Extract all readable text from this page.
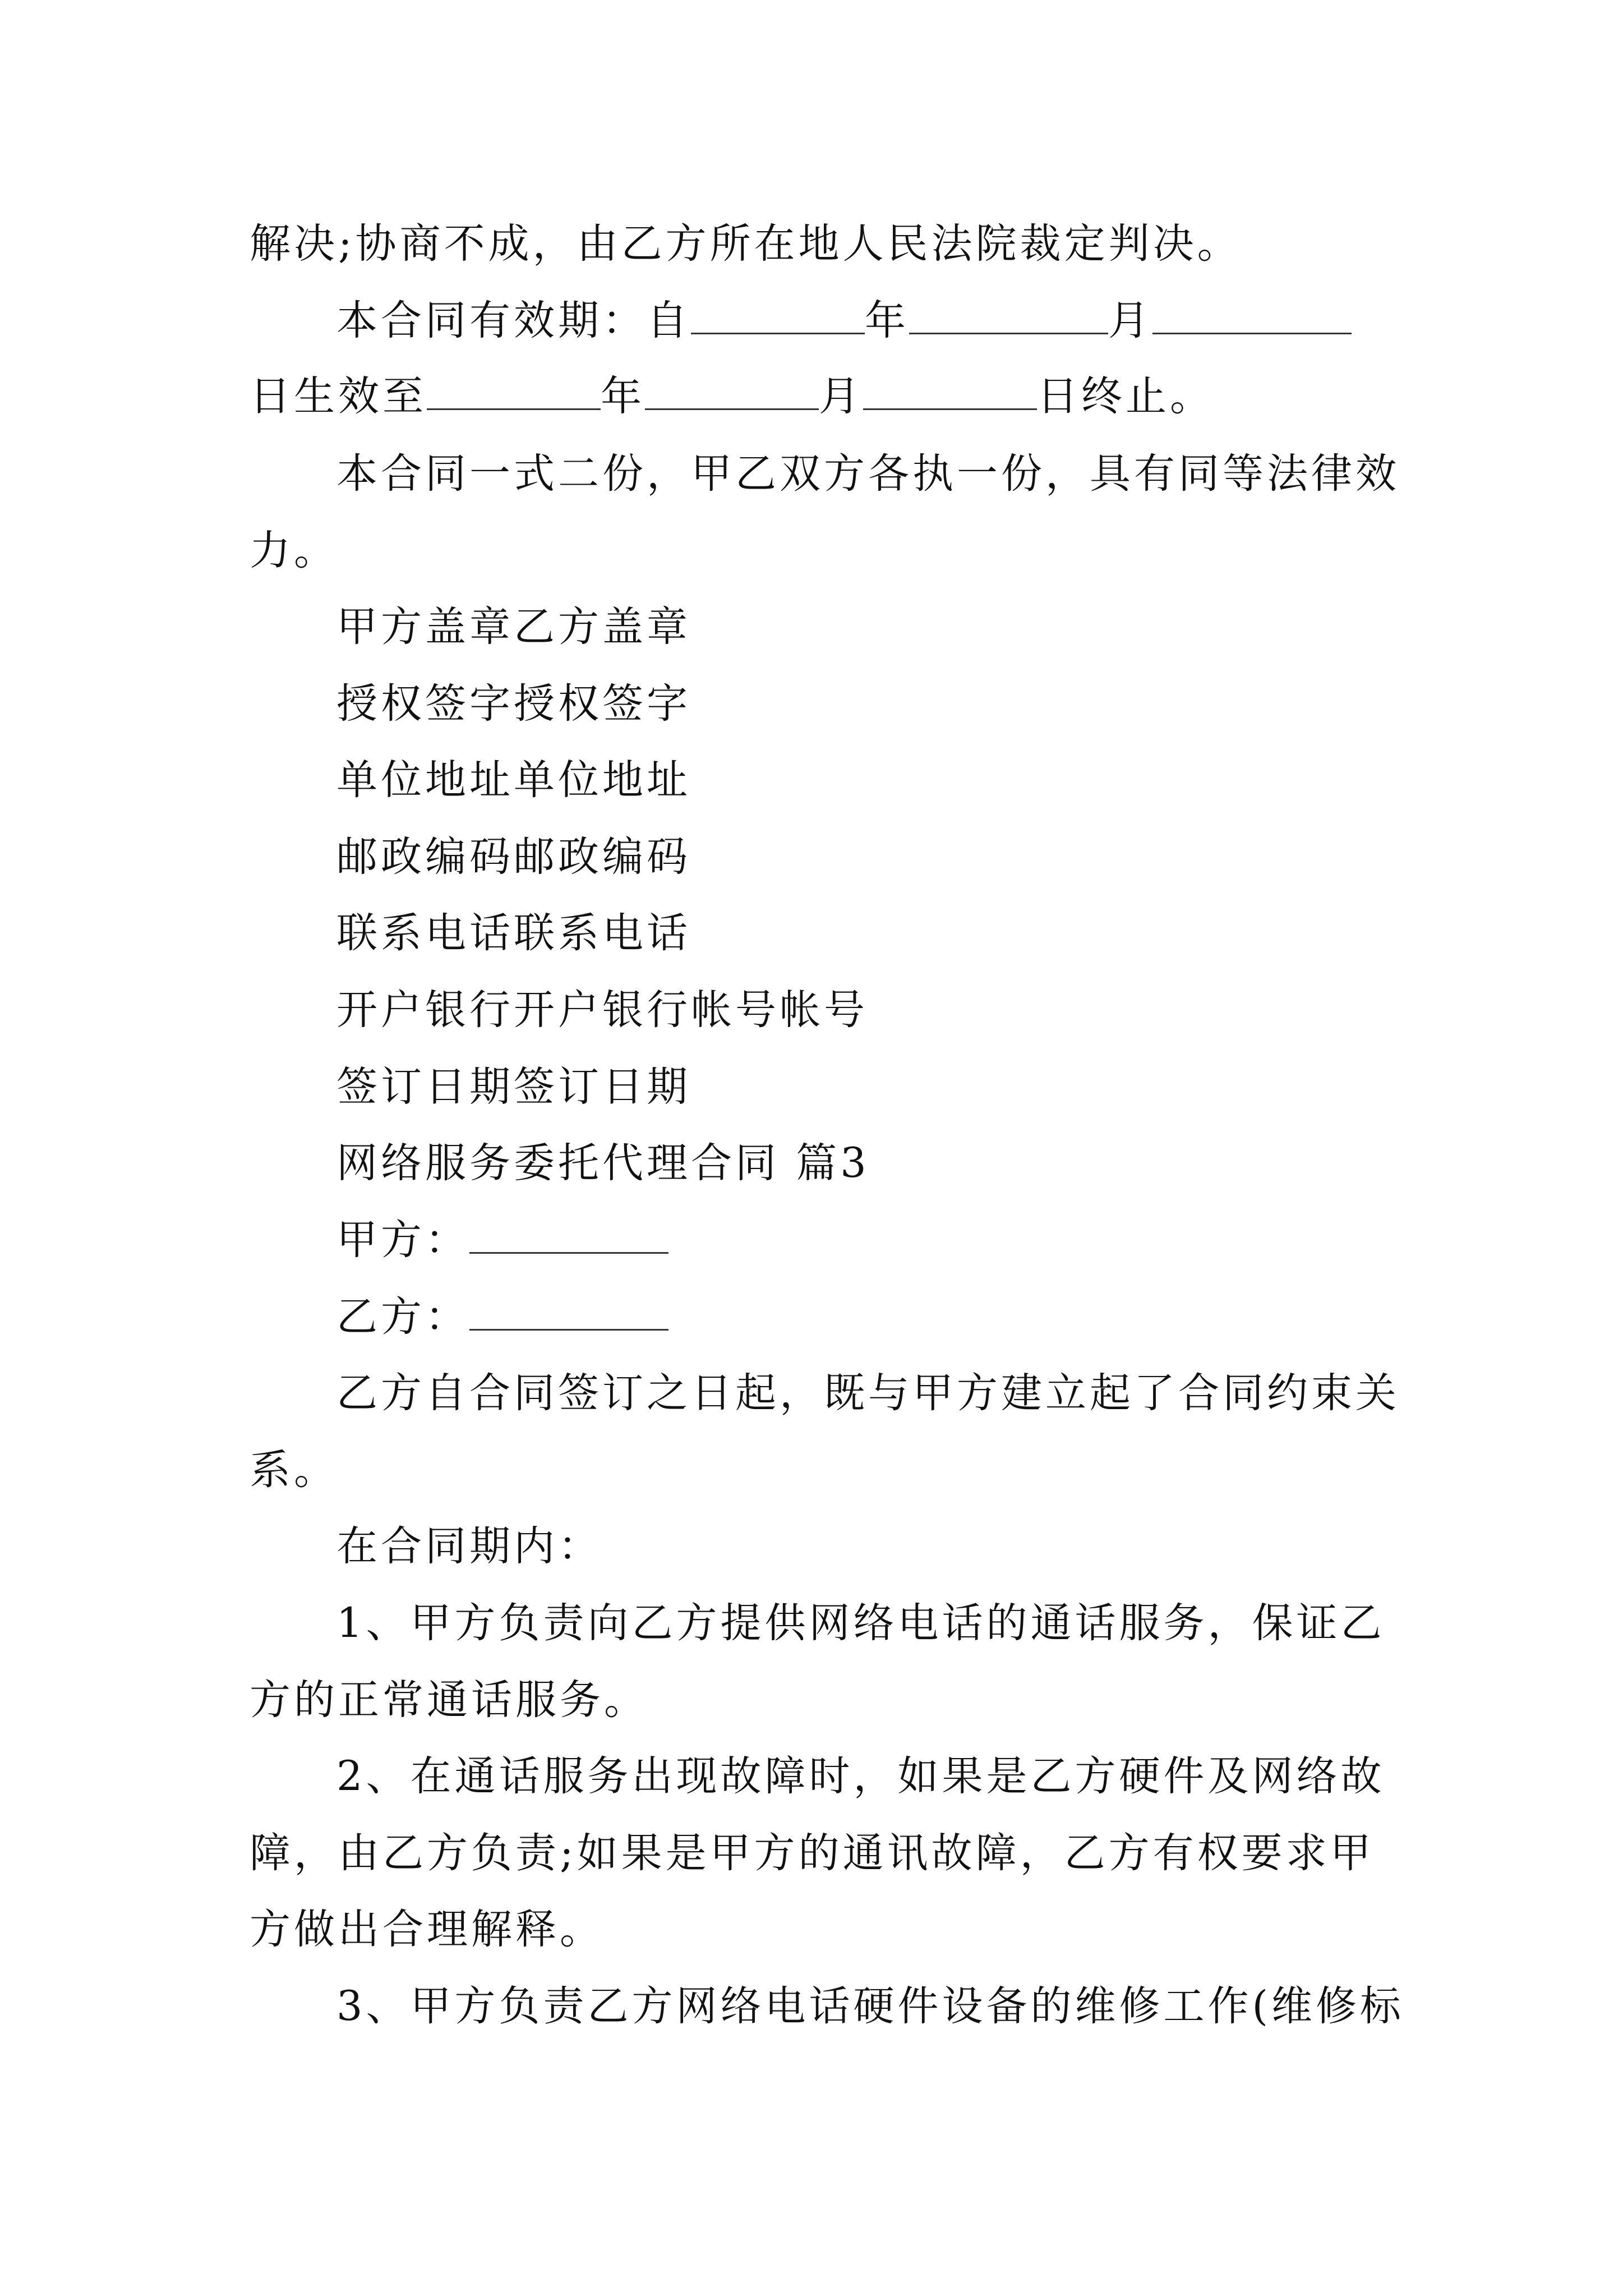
解决;协商不成，由乙方所在地人民法院裁定判决。
本合同有效期：自	年	月
日生效至	年	月	日终止。
本合同一式二份，甲乙双方各执一份，具有同等法律效
力。
甲方盖章乙方盖章
授权签字授权签字
单位地址单位地址
邮政编码邮政编码
联系电话联系电话
开户银行开户银行帐号帐号
签订日期签订日期
网络服务委托代理合同 篇3
甲方：
乙方：
乙方自合同签订之日起，既与甲方建立起了合同约束关
系。
在合同期内：
1、甲方负责向乙方提供网络电话的通话服务，保证乙
方的正常通话服务。
2、在通话服务出现故障时，如果是乙方硬件及网络故
障，由乙方负责;如果是甲方的通讯故障，乙方有权要求甲
方做出合理解释。
3、甲方负责乙方网络电话硬件设备的维修工作(维修标
